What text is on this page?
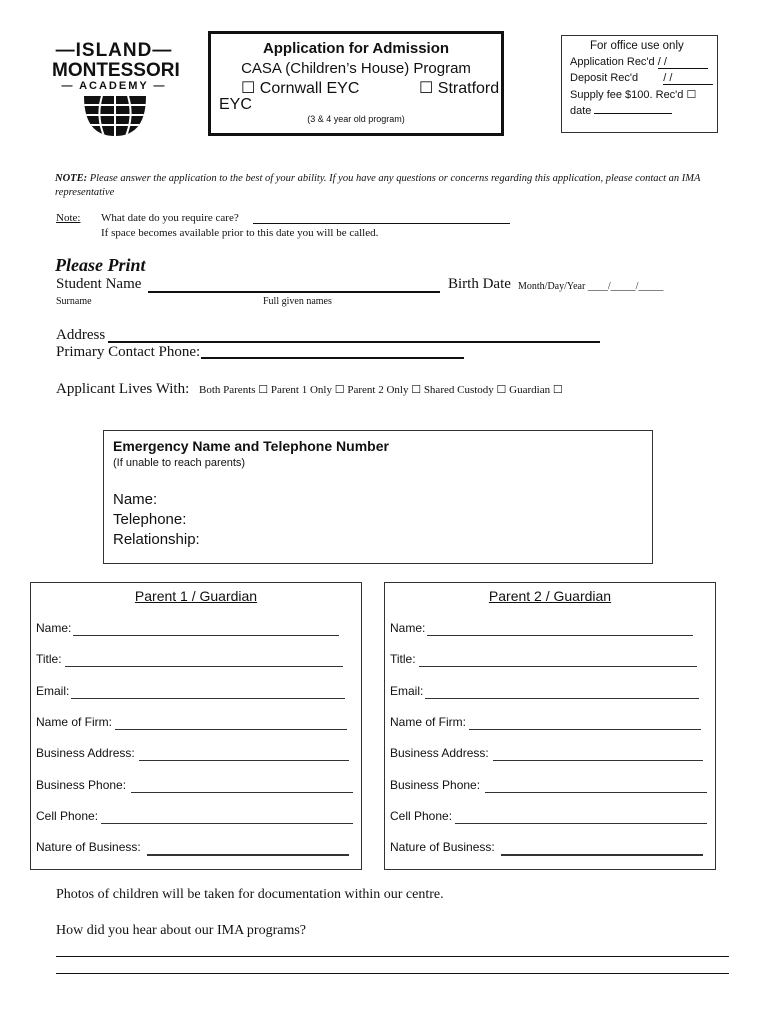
—ISLAND—
MONTESSORI
— ACADEMY —
Application for Admission
CASA (Children’s House) Program
☐ Cornwall EYC	☐ Stratford
EYC
(3 & 4 year old program)
For office use only
Application Rec'd / /
Deposit Rec'd / /
Supply fee $100. Rec'd ☐
date
NOTE: Please answer the application to the best of your ability. If you have any questions or concerns regarding this application, please contact an IMA representative
Note: What date do you require care?
If space becomes available prior to this date you will be called.
Please Print
Student Name	Birth Date Month/Day/Year ____/_____/_____
Surname	Full given names
Address
Primary Contact Phone:
Applicant Lives With: Both Parents ☐ Parent 1 Only ☐ Parent 2 Only ☐ Shared Custody ☐ Guardian ☐
Emergency Name and Telephone Number
(If unable to reach parents)
Name:
Telephone:
Relationship:
Parent 1 / Guardian
Name:
Title:
Email:
Name of Firm:
Business Address:
Business Phone:
Cell Phone:
Nature of Business:
Parent 2 / Guardian
Name:
Title:
Email:
Name of Firm:
Business Address:
Business Phone:
Cell Phone:
Nature of Business:
Photos of children will be taken for documentation within our centre.
How did you hear about our IMA programs?
